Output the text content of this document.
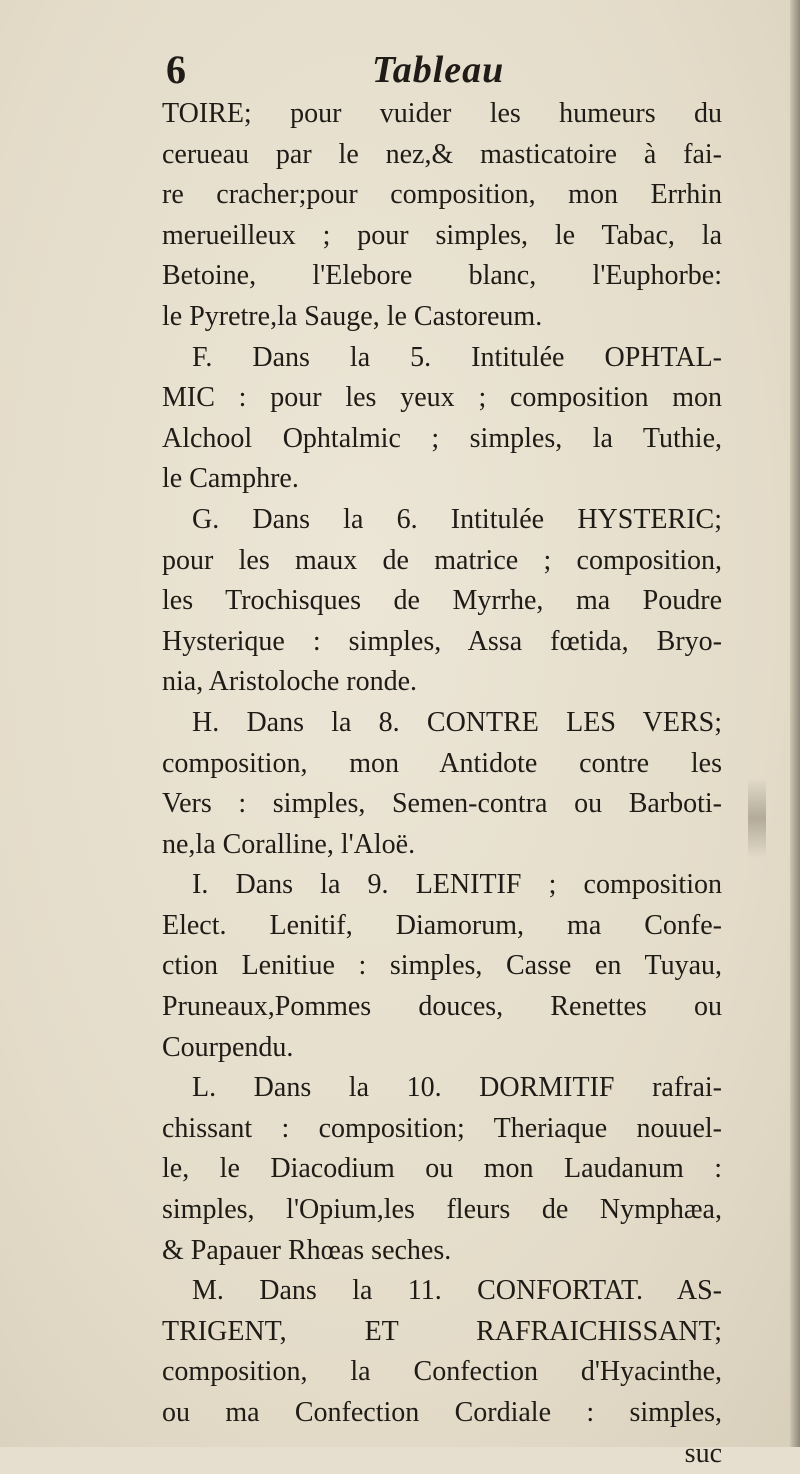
6	Tableau
TOIRE; pour vuider les humeurs du
cerueau par le nez,& masticatoire à fai-
re cracher;pour composition, mon Errhin
merueilleux ; pour simples, le Tabac, la
Betoine, l'Elebore blanc, l'Euphorbe:
le Pyretre,la Sauge, le Castoreum.
F. Dans la 5. Intitulée OPHTAL-
MIC : pour les yeux ; composition mon
Alchool Ophtalmic ; simples, la Tuthie,
le Camphre.
G. Dans la 6. Intitulée HYSTERIC;
pour les maux de matrice ; composition,
les Trochisques de Myrrhe, ma Poudre
Hysterique : simples, Assa fœtida, Bryo-
nia, Aristoloche ronde.
H. Dans la 8. CONTRE LES VERS;
composition, mon Antidote contre les
Vers : simples, Semen-contra ou Barboti-
ne,la Coralline, l'Aloë.
I. Dans la 9. LENITIF ; composition
Elect. Lenitif, Diamorum, ma Confe-
ction Lenitiue : simples, Casse en Tuyau,
Pruneaux,Pommes douces, Renettes ou
Courpendu.
L. Dans la 10. DORMITIF rafrai-
chissant : composition; Theriaque nouuel-
le, le Diacodium ou mon Laudanum :
simples, l'Opium,les fleurs de Nymphæa,
& Papauer Rhœas seches.
M. Dans la 11. CONFORTAT. AS-
TRIGENT, ET RAFRAICHISSANT;
composition, la Confection d'Hyacinthe,
ou ma Confection Cordiale : simples,
suc
